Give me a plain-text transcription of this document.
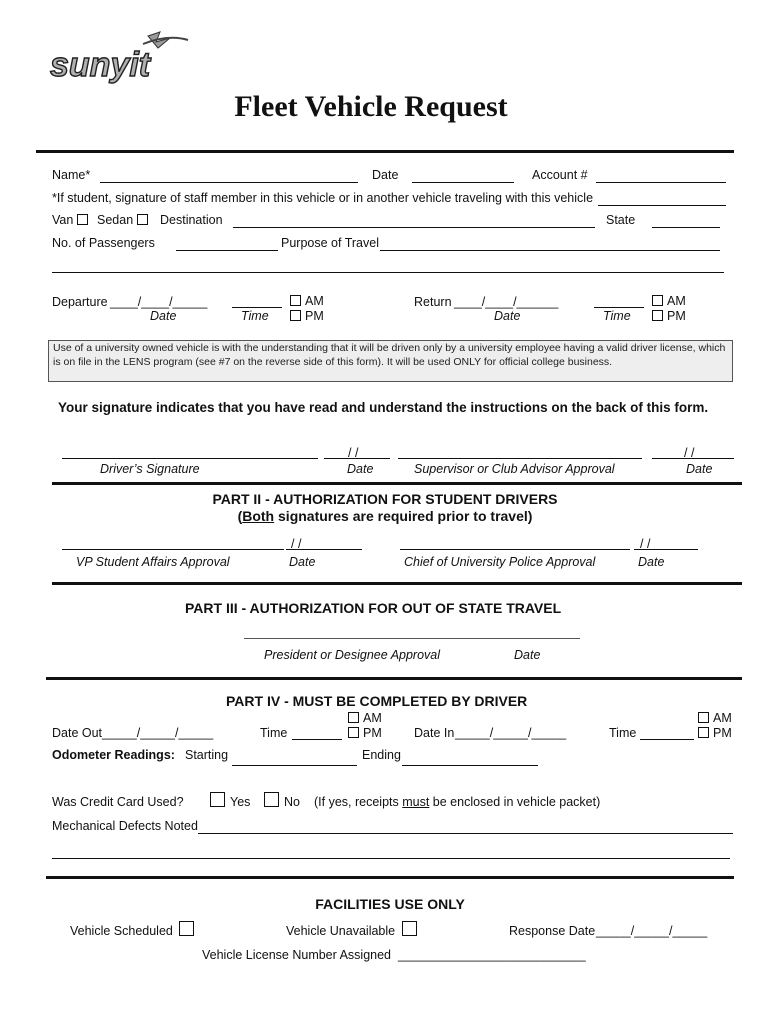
sunyit
Fleet Vehicle Request
Name*	Date	Account #
*If student, signature of staff member in this vehicle or in another vehicle traveling with this vehicle
Van	Sedan	Destination	State
No. of Passengers	Purpose of Travel
Departure ____/____/_____	AM
PM
Date	Time
Return ____/____/______	AM
PM
Date	Time
Use of a university owned vehicle is with the understanding that it will be driven only by a university employee having a valid driver license, which is on file in the LENS program (see #7 on the reverse side of this form). It will be used ONLY for official college business.
Your signature indicates that you have read and understand the instructions on the back of this form.
/ /	/ /
Driver’s Signature	Date	Supervisor or Club Advisor Approval	Date
PART II - AUTHORIZATION FOR STUDENT DRIVERS
(Both signatures are required prior to travel)
/ /	/ /
VP Student Affairs Approval	Date	Chief of University Police Approval	Date
PART III - AUTHORIZATION FOR OUT OF STATE TRAVEL
President or Designee Approval	Date
PART IV - MUST BE COMPLETED BY DRIVER
Date Out _____/_____/_____	Time
AM
PM	Date In _____/_____/_____	Time
AM
PM
Odometer Readings: Starting	Ending
Was Credit Card Used?	Yes	No (If yes, receipts must be enclosed in vehicle packet)
Mechanical Defects Noted
FACILITIES USE ONLY
Vehicle Scheduled	Vehicle Unavailable	Response Date _____/_____/_____
Vehicle License Number Assigned ___________________________
